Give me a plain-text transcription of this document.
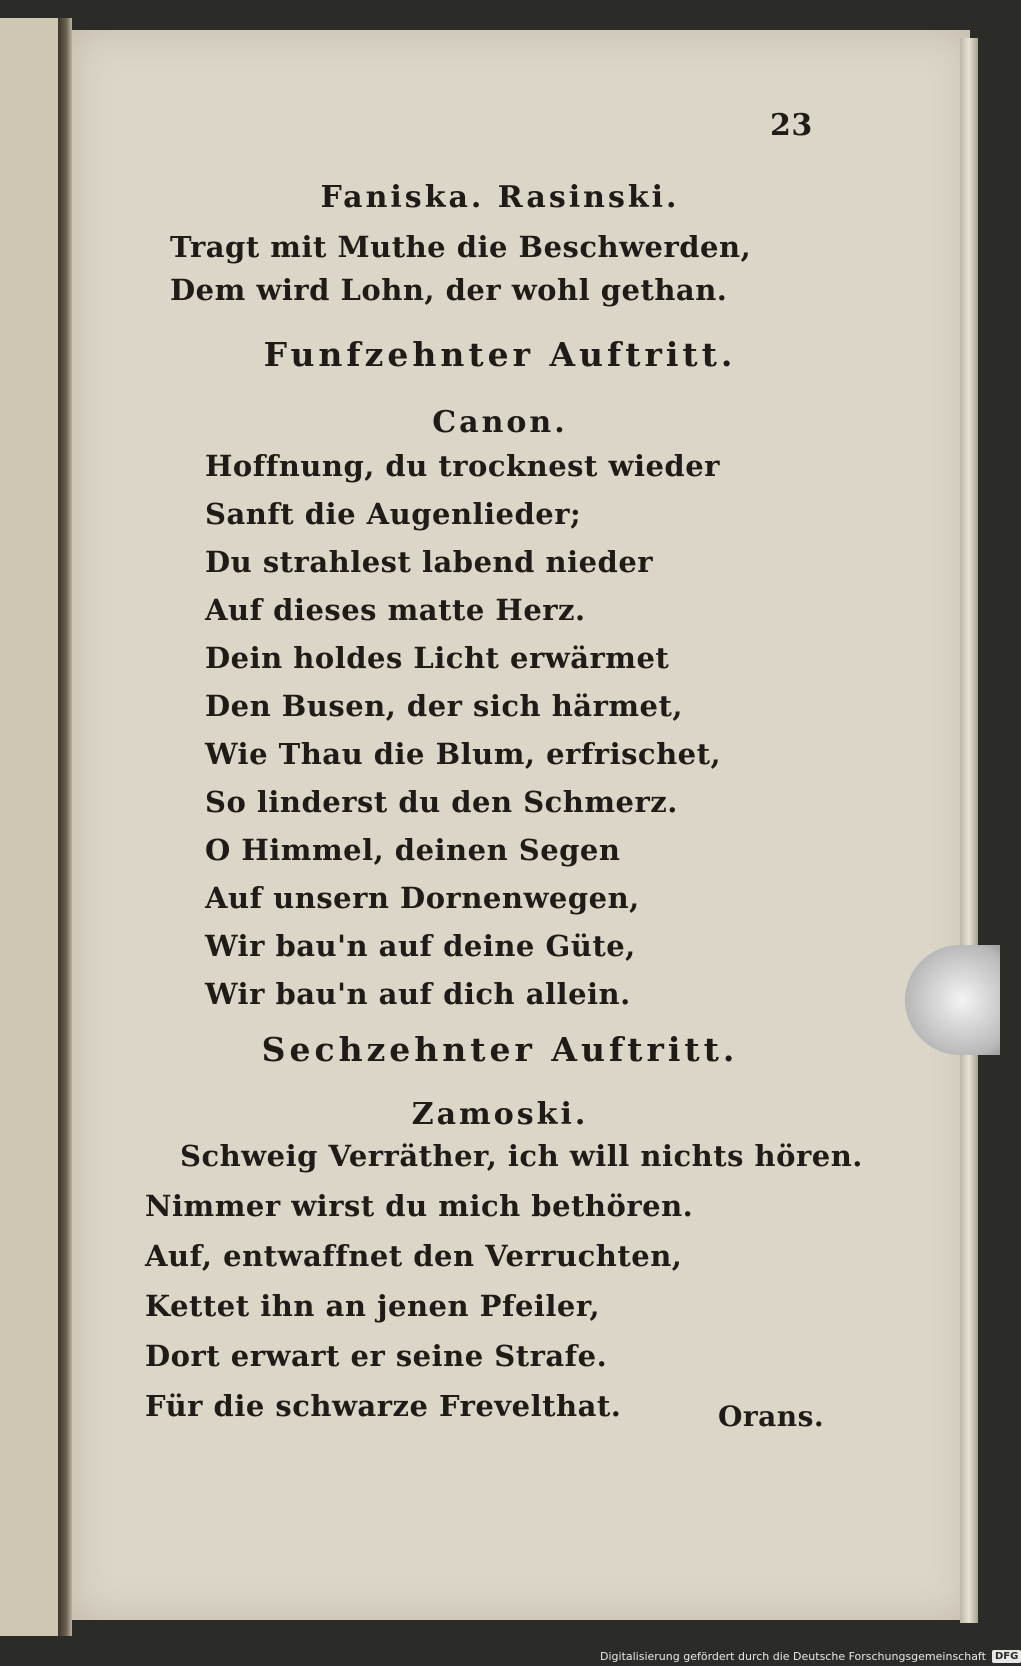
23
Faniska. Rasinski.
Tragt mit Muthe die Beschwerden,
Dem wird Lohn, der wohl gethan.
Funfzehnter Auftritt.
Canon.
Hoffnung, du trocknest wieder
Sanft die Augenlieder;
Du strahlest labend nieder
Auf dieses matte Herz.
Dein holdes Licht erwärmet
Den Busen, der sich härmet,
Wie Thau die Blum, erfrischet,
So linderst du den Schmerz.
O Himmel, deinen Segen
Auf unsern Dornenwegen,
Wir bau'n auf deine Güte,
Wir bau'n auf dich allein.
Sechzehnter Auftritt.
Zamoski.
Schweig Verräther, ich will nichts hören.
Nimmer wirst du mich bethören.
Auf, entwaffnet den Verruchten,
Kettet ihn an jenen Pfeiler,
Dort erwart er seine Strafe.
Für die schwarze Frevelthat.	Orans.
Digitalisierung gefördert durch die Deutsche Forschungsgemeinschaft DFG
